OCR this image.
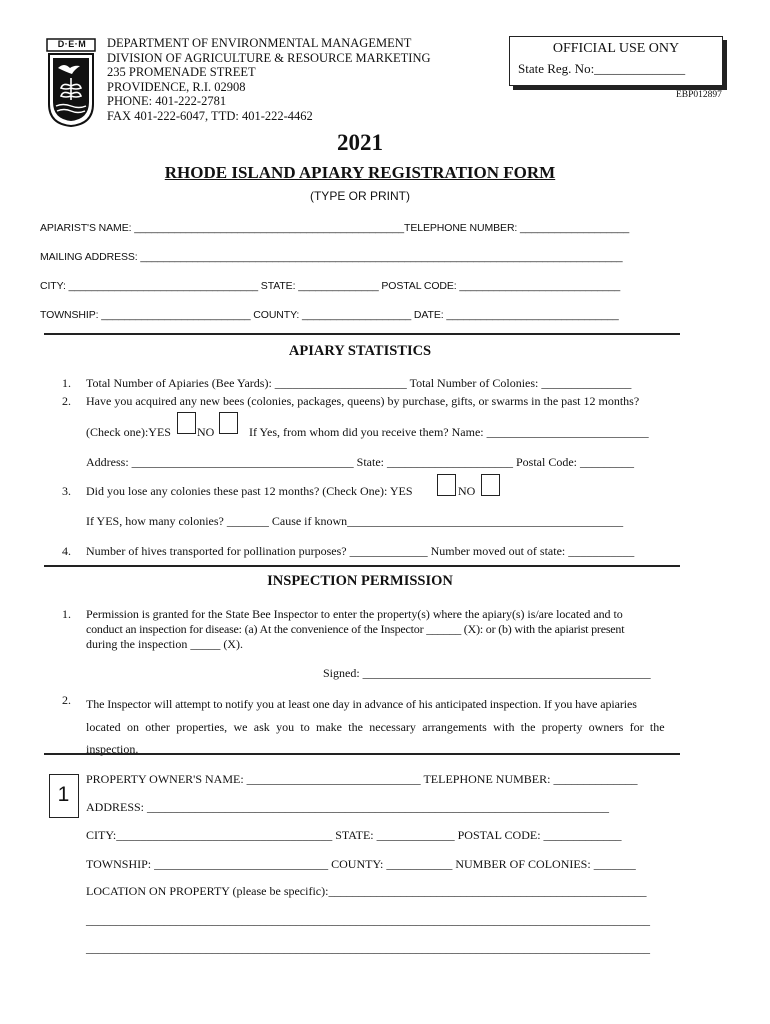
D·E·M	DEPARTMENT OF ENVIRONMENTAL MANAGEMENT
DIVISION OF AGRICULTURE & RESOURCE MARKETING
235 PROMENADE STREET
PROVIDENCE, R.I. 02908
PHONE: 401-222-2781
FAX 401-222-6047, TTD: 401-222-4462
OFFICIAL USE ONY
State Reg. No:______________
EBP012897
2021
RHODE ISLAND APIARY REGISTRATION FORM
(TYPE OR PRINT)
APIARIST'S NAME: _______________________________________________TELEPHONE NUMBER: ___________________
MAILING ADDRESS: ____________________________________________________________________________________
CITY: _________________________________ STATE: ______________ POSTAL CODE: ____________________________
TOWNSHIP: __________________________ COUNTY: ___________________ DATE: ______________________________
APIARY STATISTICS
1. Total Number of Apiaries (Bee Yards): ______________________ Total Number of Colonies: _______________
2. Have you acquired any new bees (colonies, packages, queens) by purchase, gifts, or swarms in the past 12 months?
(Check one):YES NO	If Yes, from whom did you receive them? Name: ___________________________
Address: _____________________________________ State: _____________________ Postal Code: _________
3. Did you lose any colonies these past 12 months? (Check One): YES	NO
If YES, how many colonies? _______ Cause if known______________________________________________
4. Number of hives transported for pollination purposes? _____________ Number moved out of state: ___________
INSPECTION PERMISSION
1. Permission is granted for the State Bee Inspector to enter the property(s) where the apiary(s) is/are located and to
conduct an inspection for disease: (a) At the convenience of the Inspector ______ (X): or (b) with the apiarist present
during the inspection _____ (X).
Signed: ________________________________________________
2. The Inspector will attempt to notify you at least one day in advance of his anticipated inspection. If you have apiaries
located on other properties, we ask you to make the necessary arrangements with the property owners for the
inspection.
1
PROPERTY OWNER'S NAME: _____________________________ TELEPHONE NUMBER: ______________
ADDRESS: _____________________________________________________________________________
CITY:____________________________________ STATE: _____________ POSTAL CODE: _____________
TOWNSHIP: _____________________________ COUNTY: ___________ NUMBER OF COLONIES: _______
LOCATION ON PROPERTY (please be specific):_____________________________________________________
______________________________________________________________________________________________
______________________________________________________________________________________________
